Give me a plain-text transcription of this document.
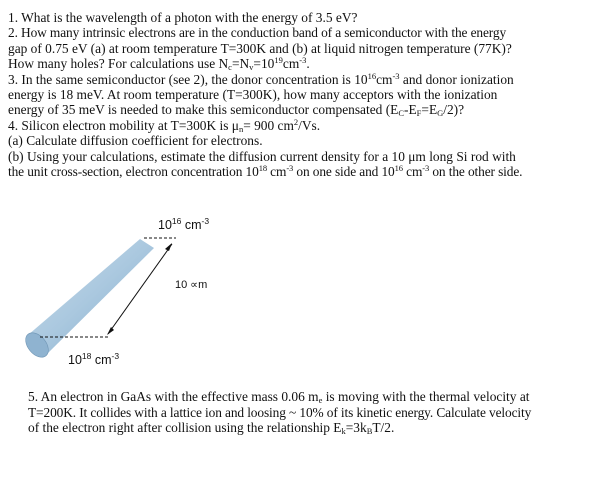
1. What is the wavelength of a photon with the energy of 3.5 eV?
2. How many intrinsic electrons are in the conduction band of a semiconductor with the energy
gap of 0.75 eV (a) at room temperature T=300K and (b) at liquid nitrogen temperature (77K)?
How many holes? For calculations use $N_c=N_v=10^{19}cm^{-3}$.
3. In the same semiconductor (see 2), the donor concentration is $10^{16}cm^{-3}$ and donor ionization
energy is 18 meV. At room temperature (T=300K), how many acceptors with the ionization
energy of 35 meV is needed to make this semiconductor compensated $(E_C-E_F=E_G/2)$?
4. Silicon electron mobility at T=300K is $\mu_n= 900$ $cm^2/Vs$.
(a) Calculate diffusion coefficient for electrons.
(b) Using your calculations, estimate the diffusion current density for a 10 μm long Si rod with
the unit cross-section, electron concentration $10^{18}$ $cm^{-3}$ on one side and $10^{16}$ $cm^{-3}$ on the other side.
$10^{16}$ $cm^{-3}$
10 ∝m
$10^{18}$ $cm^{-3}$
5. An electron in GaAs with the effective mass 0.06 $m_e$ is moving with the thermal velocity at
T=200K. It collides with a lattice ion and loosing ~ 10% of its kinetic energy. Calculate velocity
of the electron right after collision using the relationship $E_k=3k_BT/2$.
